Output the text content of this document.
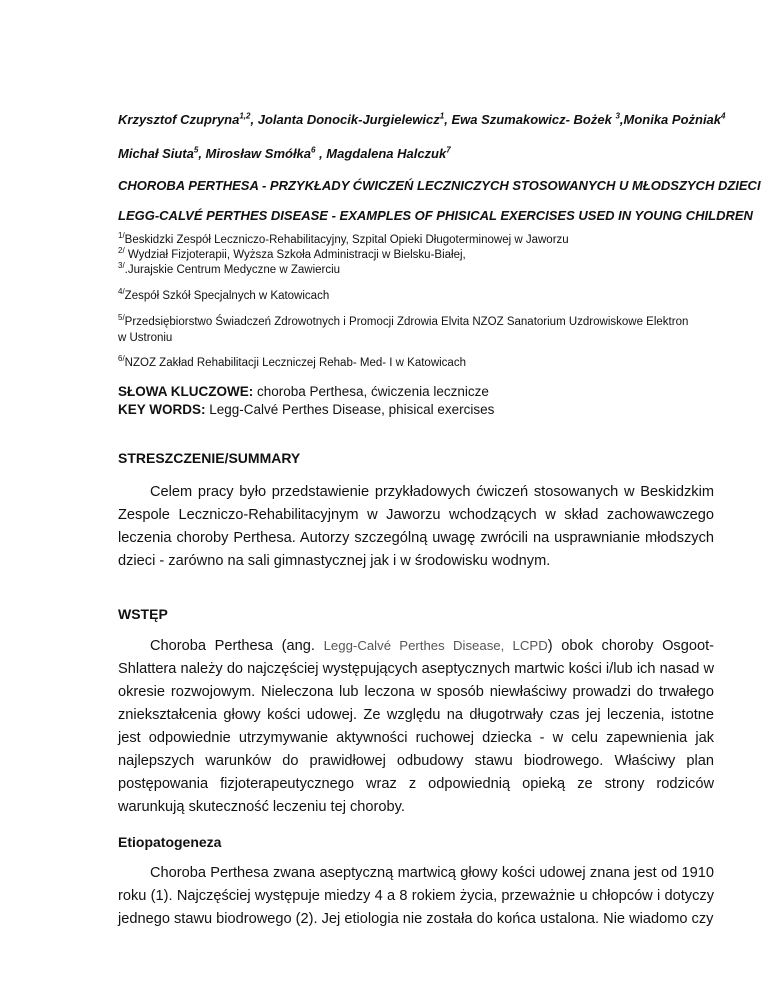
Krzysztof Czupryna$^{1,2}$, Jolanta Donocik-Jurgielewicz$^1$, Ewa Szumakowicz- Bożek $^3$,Monika Pożniak$^4$
Michał Siuta$^5$, Mirosław Smółka$^6$ , Magdalena Halczuk$^7$
CHOROBA PERTHESA - PRZYKŁADY ĆWICZEŃ LECZNICZYCH STOSOWANYCH U MŁODSZYCH DZIECI
LEGG-CALVÉ PERTHES DISEASE - EXAMPLES OF PHISICAL EXERCISES USED IN YOUNG CHILDREN
$^{1/}$Beskidzki Zespół Leczniczo-Rehabilitacyjny, Szpital Opieki Długoterminowej w Jaworzu
$^{2/}$ Wydział Fizjoterapii, Wyższa Szkoła Administracji w Bielsku-Białej,
$^{3/}$.Jurajskie Centrum Medyczne w Zawierciu
$^{4/}$Zespół Szkół Specjalnych w Katowicach
$^{5/}$Przedsiębiorstwo Świadczeń Zdrowotnych i Promocji Zdrowia Elvita NZOZ Sanatorium Uzdrowiskowe Elektron
w Ustroniu
$^{6/}$NZOZ Zakład Rehabilitacji Leczniczej Rehab- Med- I w Katowicach
SŁOWA KLUCZOWE: choroba Perthesa, ćwiczenia lecznicze
KEY WORDS: Legg-Calvé Perthes Disease, phisical exercises
STRESZCZENIE/SUMMARY
Celem pracy było przedstawienie przykładowych ćwiczeń stosowanych w Beskidzkim Zespole Leczniczo-Rehabilitacyjnym w Jaworzu wchodzących w skład zachowawczego leczenia choroby Perthesa. Autorzy szczególną uwagę zwrócili na usprawnianie młodszych dzieci - zarówno na sali gimnastycznej jak i w środowisku wodnym.
WSTĘP
Choroba Perthesa (ang. Legg-Calvé Perthes Disease, LCPD) obok choroby Osgoot-Shlattera należy do najczęściej występujących aseptycznych martwic kości i/lub ich nasad w okresie rozwojowym. Nieleczona lub leczona w sposób niewłaściwy prowadzi do trwałego zniekształcenia głowy kości udowej. Ze względu na długotrwały czas jej leczenia, istotne jest odpowiednie utrzymywanie aktywności ruchowej dziecka - w celu zapewnienia jak najlepszych warunków do prawidłowej odbudowy stawu biodrowego. Właściwy plan postępowania fizjoterapeutycznego wraz z odpowiednią opieką ze strony rodziców warunkują skuteczność leczeniu tej choroby.
Etiopatogeneza
Choroba Perthesa zwana aseptyczną martwicą głowy kości udowej znana jest od 1910 roku (1). Najczęściej występuje miedzy 4 a 8 rokiem życia, przeważnie u chłopców i dotyczy jednego stawu biodrowego (2). Jej etiologia nie została do końca ustalona. Nie wiadomo czy
